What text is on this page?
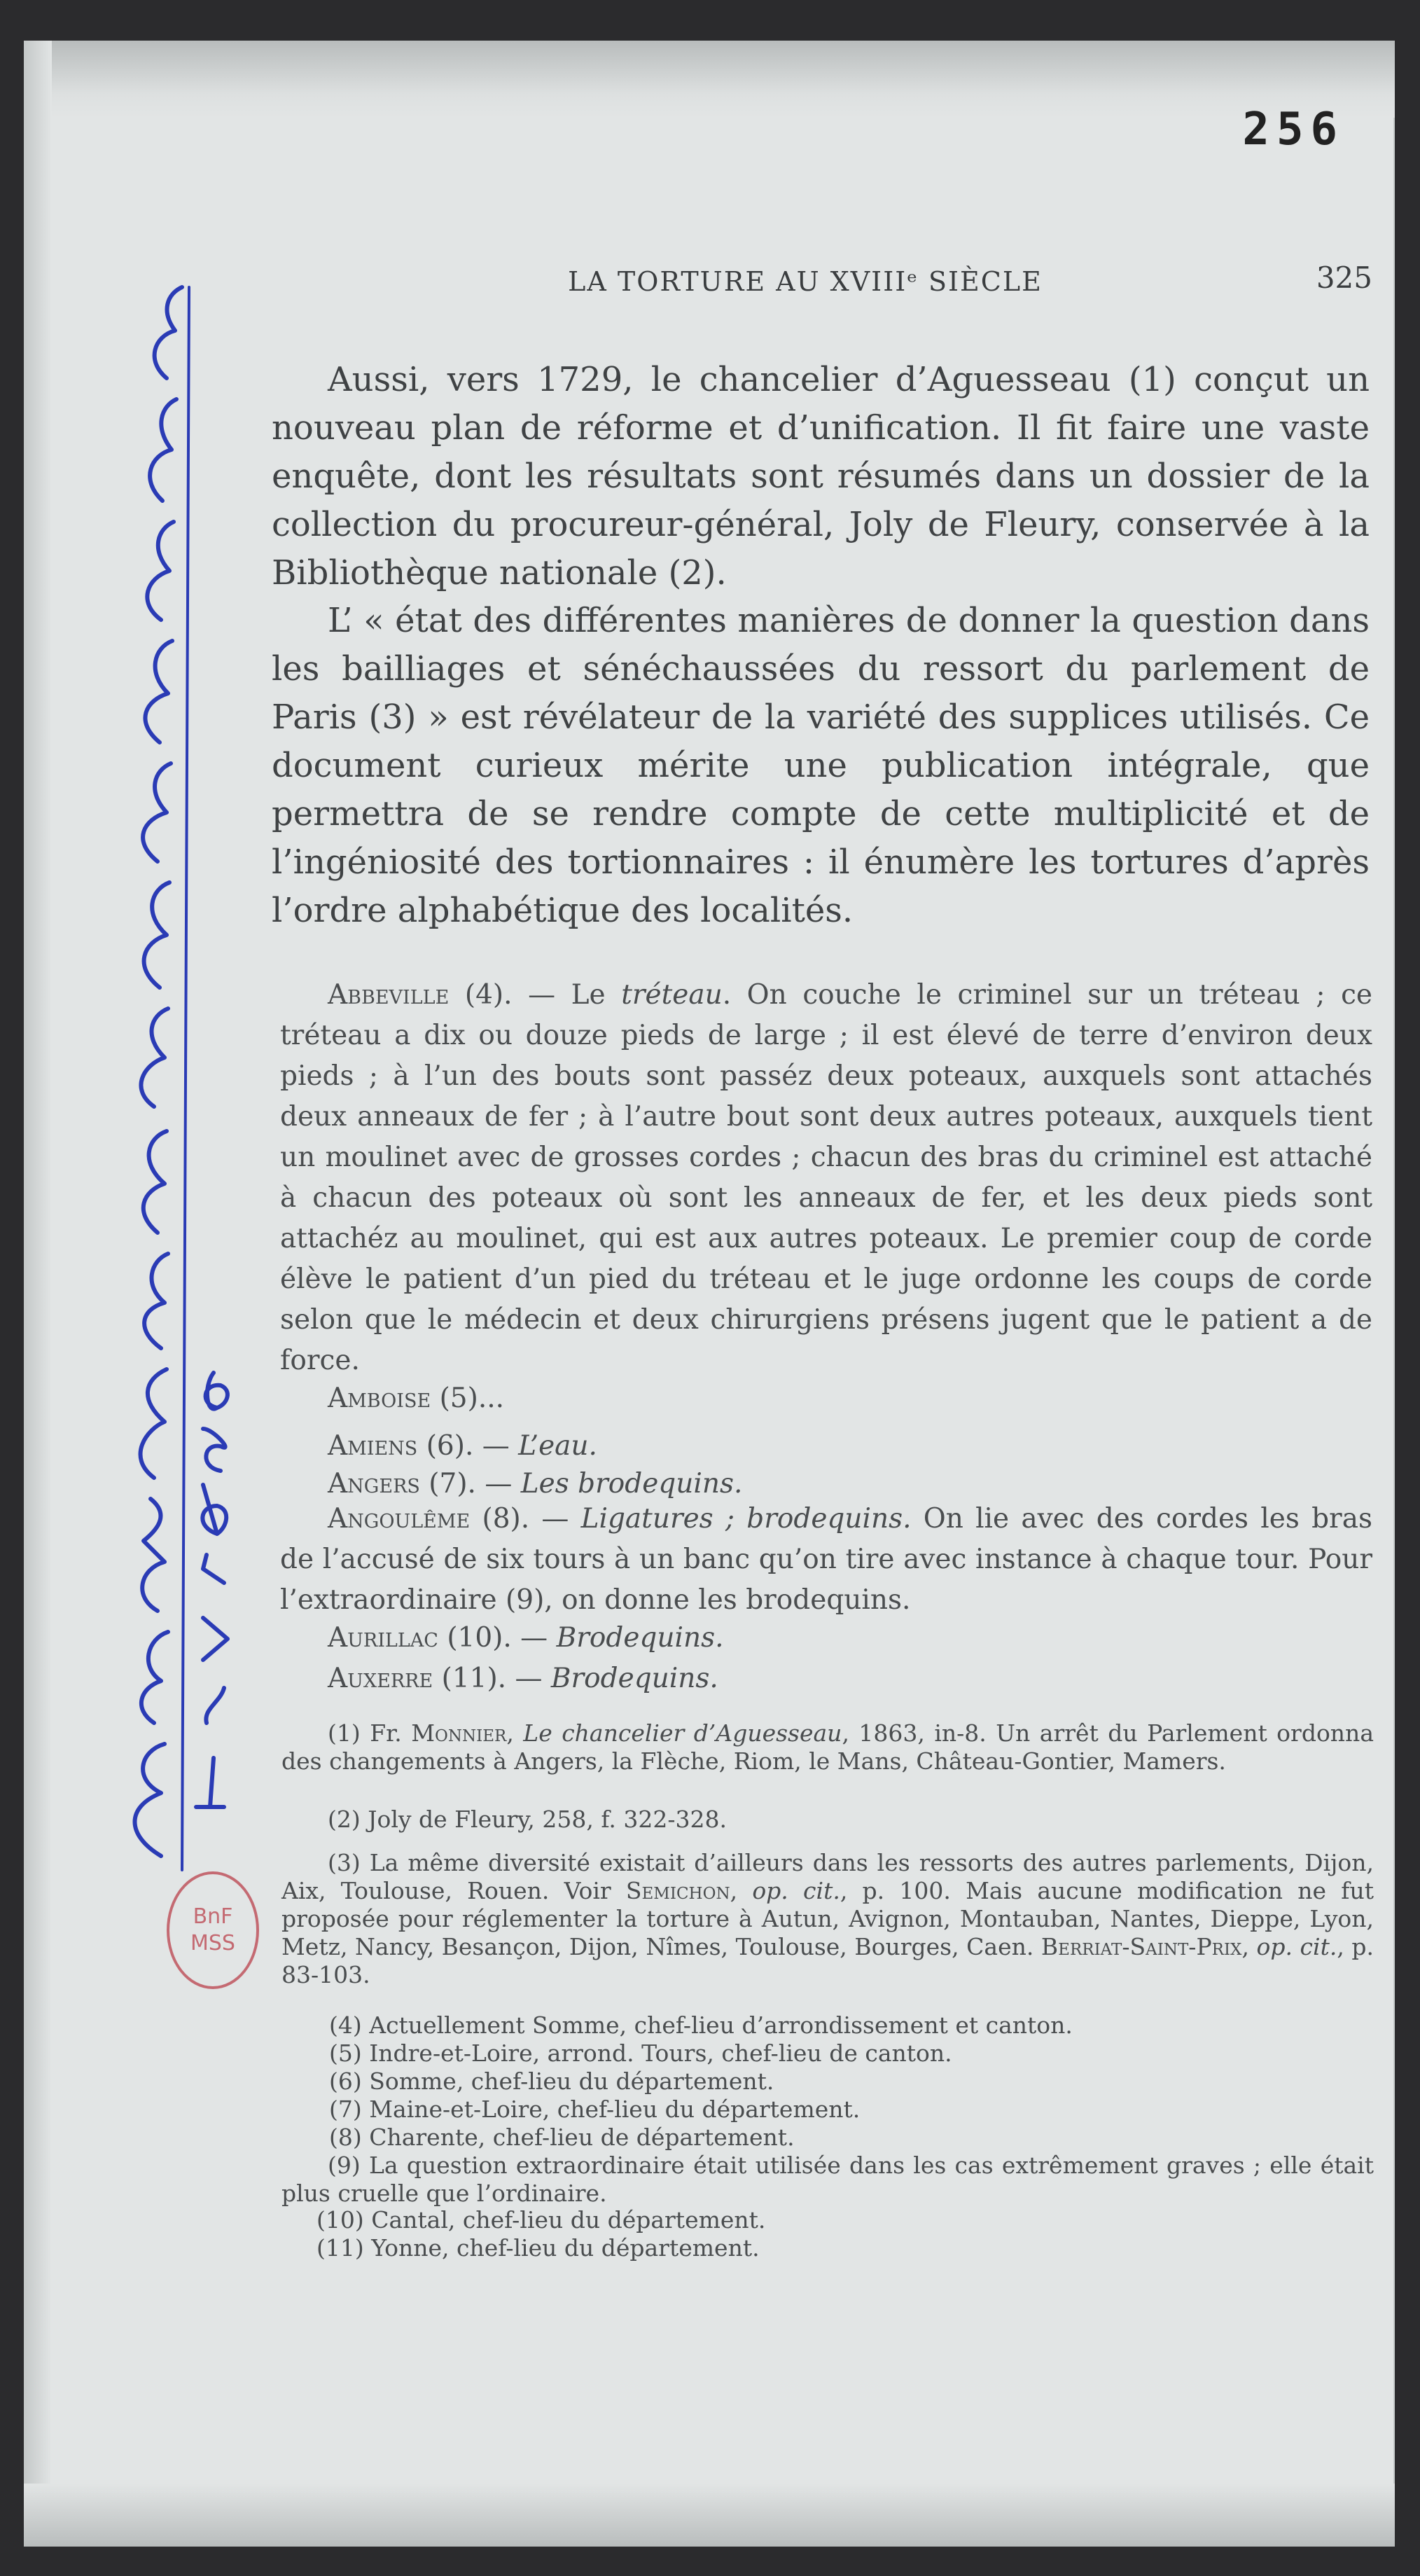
256
LA TORTURE AU XVIIIᵉ SIÈCLE	325

Aussi, vers 1729, le chancelier d’Aguesseau (1) conçut un nouveau plan de réforme et d’unification. Il fit faire une vaste enquête, dont les résultats sont résumés dans un dossier de la collection du procureur-général, Joly de Fleury, conservée à la Bibliothèque nationale (2).

L’ « état des différentes manières de donner la question dans les bailliages et sénéchaussées du ressort du parlement de Paris (3) » est révélateur de la variété des supplices utilisés. Ce document curieux mérite une publication intégrale, que permettra de se rendre compte de cette multiplicité et de l’ingéniosité des tortionnaires : il énumère les tortures d’après l’ordre alphabétique des localités.

Abbeville (4). — Le tréteau. On couche le criminel sur un tréteau ; ce tréteau a dix ou douze pieds de large ; il est élevé de terre d’environ deux pieds ; à l’un des bouts sont passéz deux poteaux, auxquels sont attachés deux anneaux de fer ; à l’autre bout sont deux autres poteaux, auxquels tient un moulinet avec de grosses cordes ; chacun des bras du criminel est attaché à chacun des poteaux où sont les anneaux de fer, et les deux pieds sont attachéz au moulinet, qui est aux autres poteaux. Le premier coup de corde élève le patient d’un pied du tréteau et le juge ordonne les coups de corde selon que le médecin et deux chirurgiens présens jugent que le patient a de force.

Amboise (5)...

Amiens (6). — L’eau.

Angers (7). — Les brodequins.

Angoulême (8). — Ligatures ; brodequins. On lie avec des cordes les bras de l’accusé de six tours à un banc qu’on tire avec instance à chaque tour. Pour l’extraordinaire (9), on donne les brodequins.

Aurillac (10). — Brodequins.

Auxerre (11). — Brodequins.

(1) Fr. Monnier, Le chancelier d’Aguesseau, 1863, in-8. Un arrêt du Parlement ordonna des changements à Angers, la Flèche, Riom, le Mans, Château-Gontier, Mamers.

(2) Joly de Fleury, 258, f. 322-328.

(3) La même diversité existait d’ailleurs dans les ressorts des autres parlements, Dijon, Aix, Toulouse, Rouen. Voir Semichon, op. cit., p. 100. Mais aucune modification ne fut proposée pour réglementer la torture à Autun, Avignon, Montauban, Nantes, Dieppe, Lyon, Metz, Nancy, Besançon, Dijon, Nîmes, Toulouse, Bourges, Caen. Berriat-Saint-Prix, op. cit., p. 83-103.

(4) Actuellement Somme, chef-lieu d’arrondissement et canton.

(5) Indre-et-Loire, arrond. Tours, chef-lieu de canton.

(6) Somme, chef-lieu du département.

(7) Maine-et-Loire, chef-lieu du département.

(8) Charente, chef-lieu de département.

(9) La question extraordinaire était utilisée dans les cas extrêmement graves ; elle était plus cruelle que l’ordinaire.

(10) Cantal, chef-lieu du département.

(11) Yonne, chef-lieu du département.

BnF
MSS
